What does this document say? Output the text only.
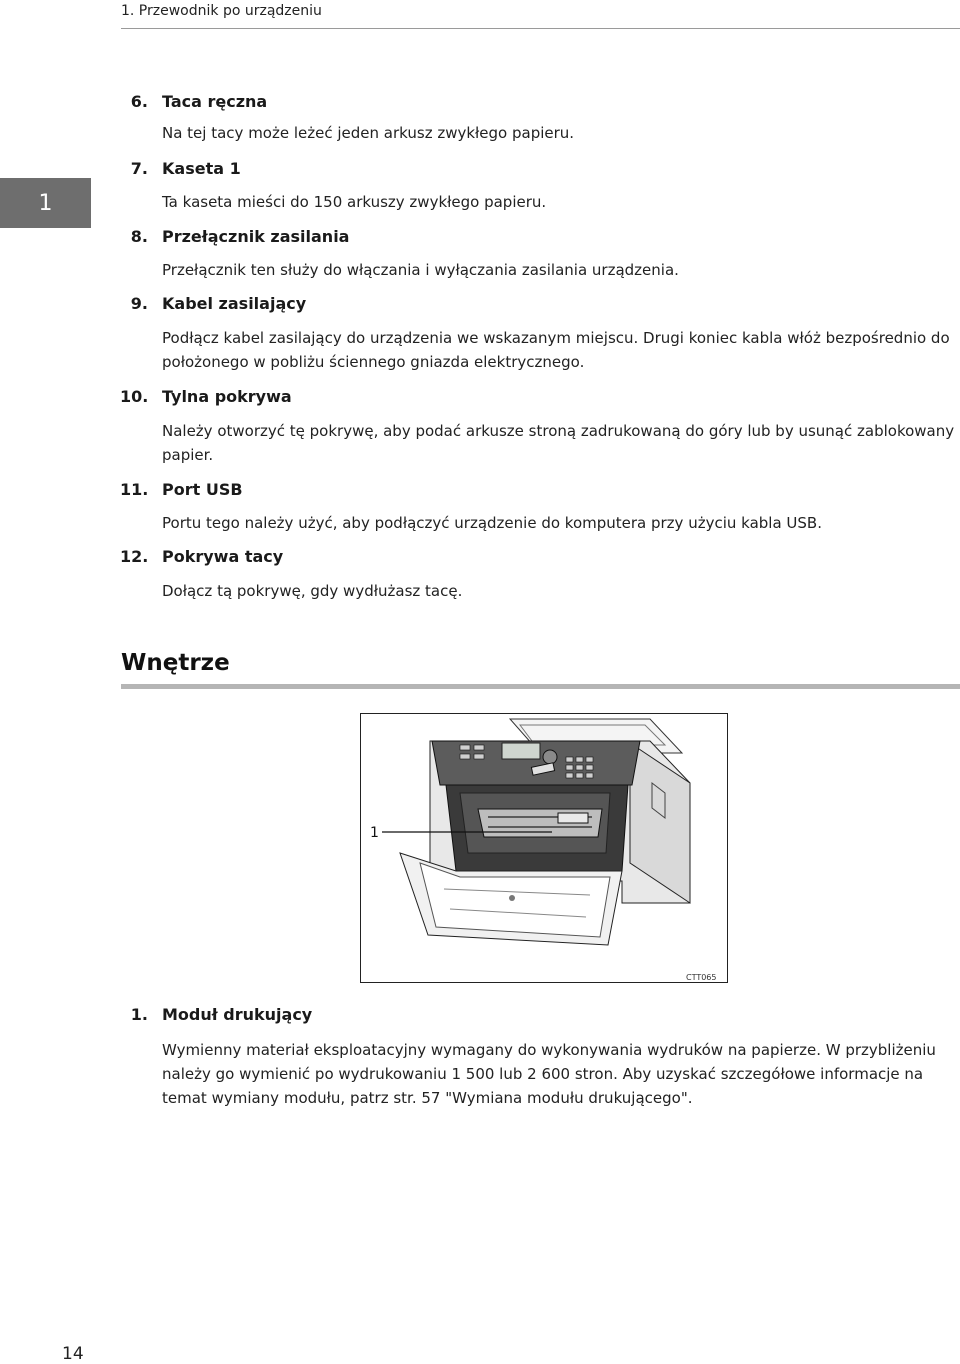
1. Przewodnik po urządzeniu
1
6. Taca ręczna
Na tej tacy może leżeć jeden arkusz zwykłego papieru.
7. Kaseta 1
Ta kaseta mieści do 150 arkuszy zwykłego papieru.
8. Przełącznik zasilania
Przełącznik ten służy do włączania i wyłączania zasilania urządzenia.
9. Kabel zasilający
Podłącz kabel zasilający do urządzenia we wskazanym miejscu. Drugi koniec kabla włóż bezpośrednio do położonego w pobliżu ściennego gniazda elektrycznego.
10. Tylna pokrywa
Należy otworzyć tę pokrywę, aby podać arkusze stroną zadrukowaną do góry lub by usunąć zablokowany papier.
11. Port USB
Portu tego należy użyć, aby podłączyć urządzenie do komputera przy użyciu kabla USB.
12. Pokrywa tacy
Dołącz tą pokrywę, gdy wydłużasz tacę.
Wnętrze
1
CTT065
1. Moduł drukujący
Wymienny materiał eksploatacyjny wymagany do wykonywania wydruków na papierze. W przybliżeniu należy go wymienić po wydrukowaniu 1 500 lub 2 600 stron. Aby uzyskać szczegółowe informacje na temat wymiany modułu, patrz str. 57 "Wymiana modułu drukującego".
14
